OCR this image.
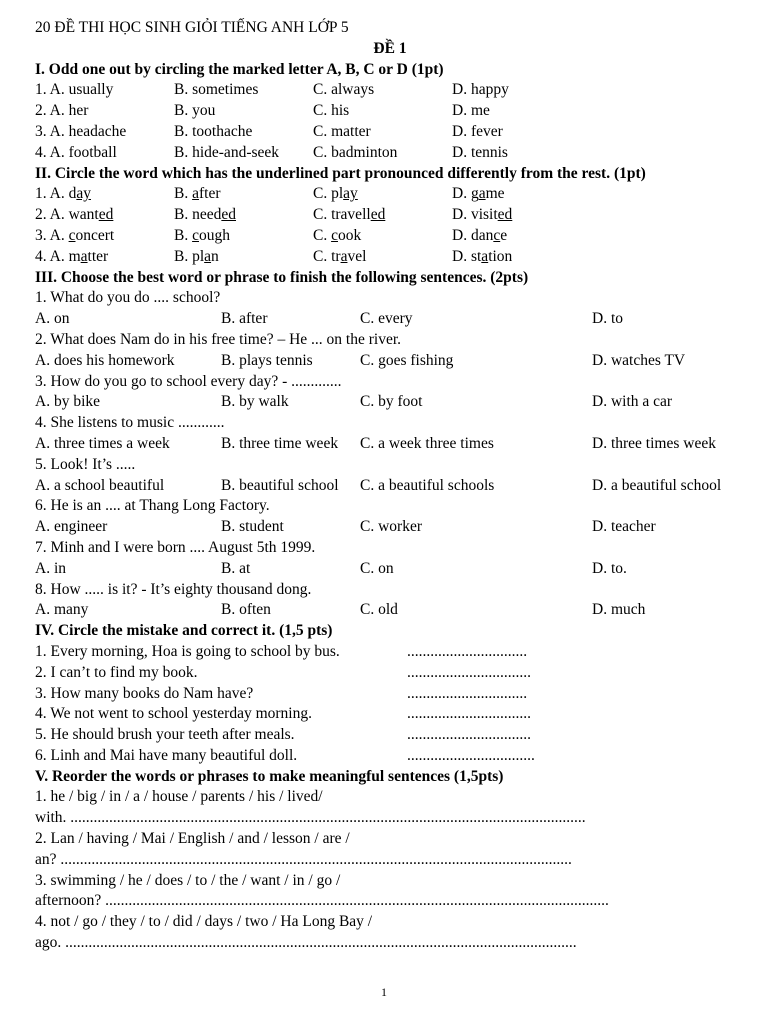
20 ĐỀ THI HỌC SINH GIỎI TIẾNG ANH LỚP 5
ĐỀ 1
I. Odd one out by circling the marked letter A, B, C or D (1pt)
1. A. usually	B. sometimes	C. always	D. happy
2. A. her	B. you	C. his	D. me
3. A. headache	B. toothache	C. matter	D. fever
4. A. football	B. hide-and-seek C. badminton	D. tennis
II. Circle the word which has the underlined part pronounced differently from the rest. (1pt)
1. A. day	B. after	C. play	D. game
2. A. wanted	B. needed	C. travelled	D. visited
3. A. concert	B. cough	C. cook	D. dance
4. A. matter	B. plan	C. travel	D. station
III. Choose the best word or phrase to finish the following sentences. (2pts)
1. What do you do .... school?
A. on	B. after	C. every	D. to
2. What does Nam do in his free time? – He ... on the river.
A. does his homework	B. plays tennis	C. goes fishing	D. watches TV
3. How do you go to school every day? - .............
A. by bike	B. by walk	C. by foot	D. with a car
4. She listens to music ............
A. three times a week	B. three time week C. a week three times	D. three times week
5. Look! It’s .....
A. a school beautiful	B. beautiful school C. a beautiful schools	D. a beautiful school
6. He is an .... at Thang Long Factory.
A. engineer	B. student	C. worker	D. teacher
7. Minh and I were born .... August 5th 1999.
A. in	B. at	C. on	D. to.
8. How ..... is it? - It’s eighty thousand dong.
A. many	B. often	C. old	D. much
IV. Circle the mistake and correct it. (1,5 pts)
1. Every morning, Hoa is going to school by bus.	...............................
2. I can’t to find my book.	................................
3. How many books do Nam have?	...............................
4. We not went to school yesterday morning.	................................
5. He should brush your teeth after meals.	................................
6. Linh and Mai have many beautiful doll.	.................................
V. Reorder the words or phrases to make meaningful sentences (1,5pts)
1. he / big / in / a / house / parents / his / lived/
with. .....................................................................................................................................
2. Lan / having / Mai / English / and / lesson / are /
an? ....................................................................................................................................
3. swimming / he / does / to / the / want / in / go /
afternoon? ..................................................................................................................................
4. not / go / they / to / did / days / two / Ha Long Bay /
ago. ....................................................................................................................................
1
